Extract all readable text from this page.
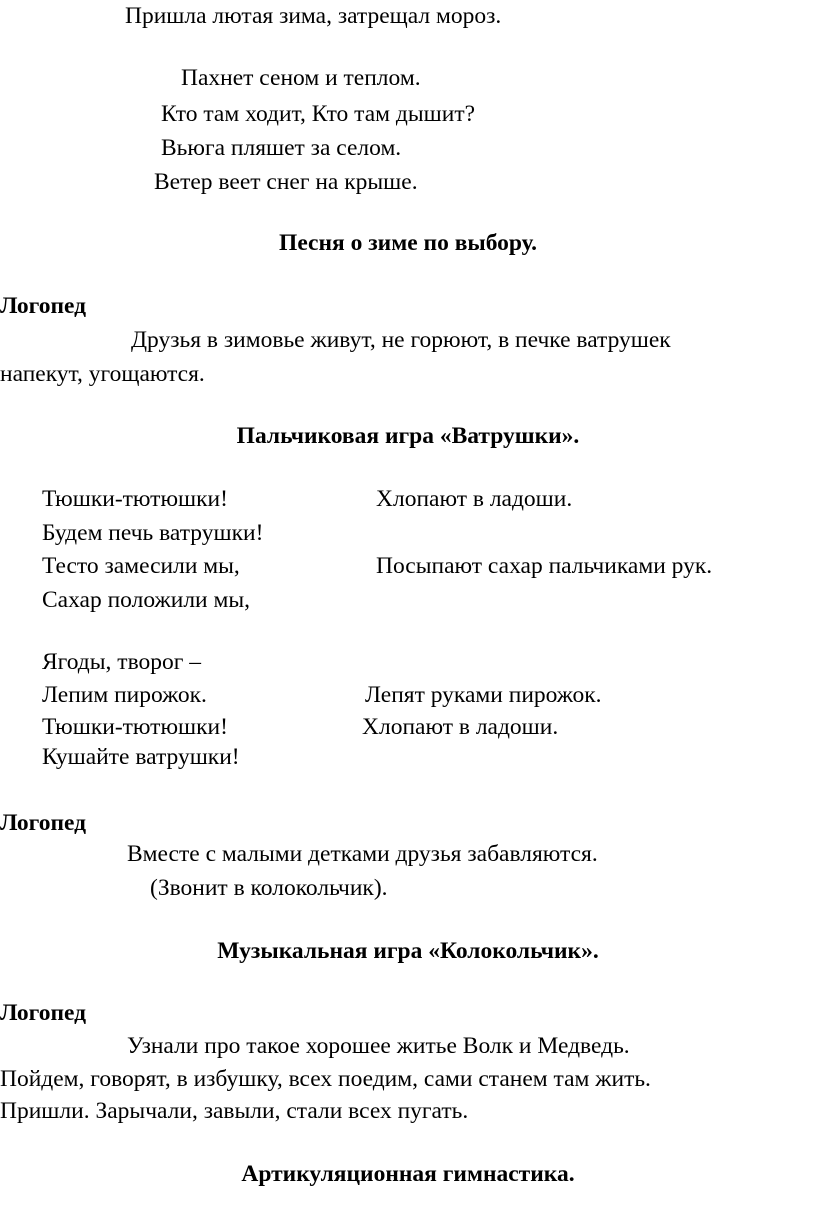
Пришла лютая зима, затрещал мороз.
Пахнет сеном и теплом.
Кто там ходит, Кто там дышит?
Вьюга пляшет за селом.
Ветер веет снег на крыше.
Песня о зиме по выбору.
Логопед
Друзья в зимовье живут, не горюют, в печке ватрушек
напекут, угощаются.
Пальчиковая игра «Ватрушки».
Тюшки-тютюшки!	Хлопают в ладоши.
Будем печь ватрушки!
Тесто замесили мы,	Посыпают сахар пальчиками рук.
Сахар положили мы,
Ягоды, творог –
Лепим пирожок.	Лепят руками пирожок.
Тюшки-тютюшки!	Хлопают в ладоши.
Кушайте ватрушки!
Логопед
Вместе с малыми детками друзья забавляются.
(Звонит в колокольчик).
Музыкальная игра «Колокольчик».
Логопед
Узнали про такое хорошее житье Волк и Медведь.
Пойдем, говорят, в избушку, всех поедим, сами станем там жить.
Пришли. Зарычали, завыли, стали всех пугать.
Артикуляционная гимнастика.
